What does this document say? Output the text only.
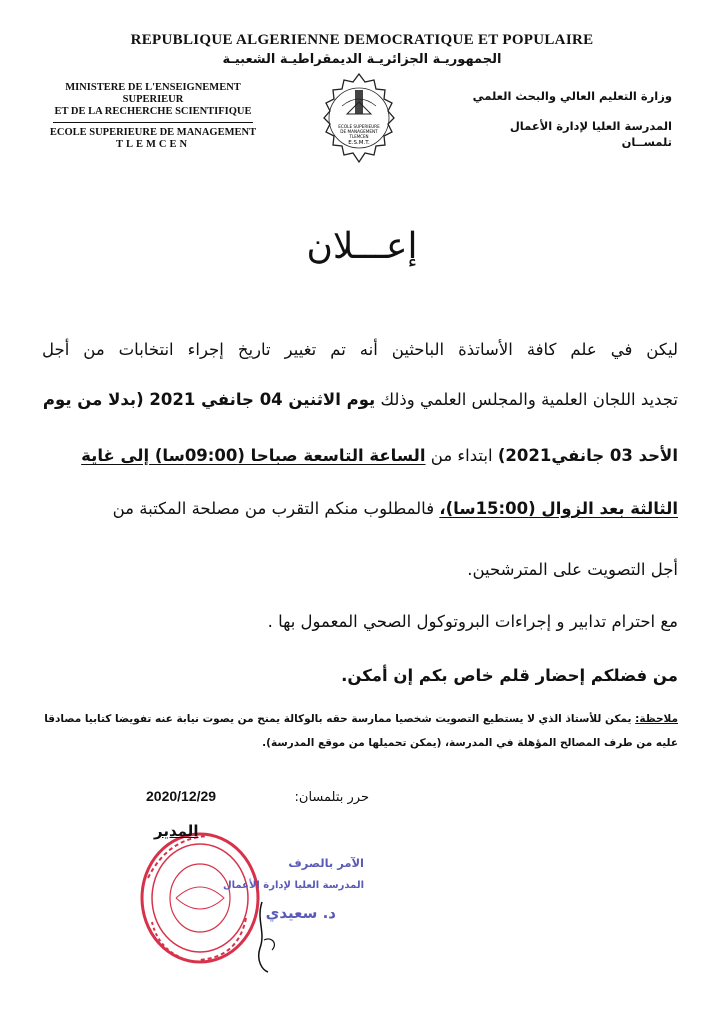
REPUBLIQUE ALGERIENNE DEMOCRATIQUE ET POPULAIRE
الجمهوريـة الجزائريـة الديمقراطيـة الشعبيـة
MINISTERE DE L'ENSEIGNEMENT SUPERIEUR
ET DE LA RECHERCHE SCIENTIFIQUE
ECOLE SUPERIEURE DE MANAGEMENT
TLEMCEN
وزارة التعليم العالي والبحث العلمي
المدرسة العليا لإدارة الأعمال
تلمســان
ECOLE SUPERIEURE
DE MANAGEMENT
TLEMCEN
E.S.M.T.
إعـــلان
ليكن في علم كافة الأساتذة الباحثين أنه تم تغيير تاريخ إجراء انتخابات من أجل
تجديد اللجان العلمية والمجلس العلمي وذلك يوم الاثنين 04 جانفي 2021 (بدلا من يوم
الأحد 03 جانفي2021) ابتداء من الساعة التاسعة صباحا (09:00سا) إلى غاية
الثالثة بعد الزوال (15:00سا)، فالمطلوب منكم التقرب من مصلحة المكتبة من
أجل التصويت على المترشحين.
مع احترام تدابير و إجراءات البروتوكول الصحي المعمول بها .
من فضلكم إحضار قلم خاص بكم إن أمكن.
ملاحظة: يمكن للأستاذ الذي لا يستطيع التصويت شخصيا ممارسة حقه بالوكالة يمنح من يصوت نيابة عنه تفويضا كتابيا مصادقا
عليه من طرف المصالح المؤهلة في المدرسة، (يمكن تحميلها من موقع المدرسة).
حرر بتلمسان:
2020/12/29
المدير
الآمر بالصرف
المدرسة العليا لإدارة الأعمال
د. سعيدي
